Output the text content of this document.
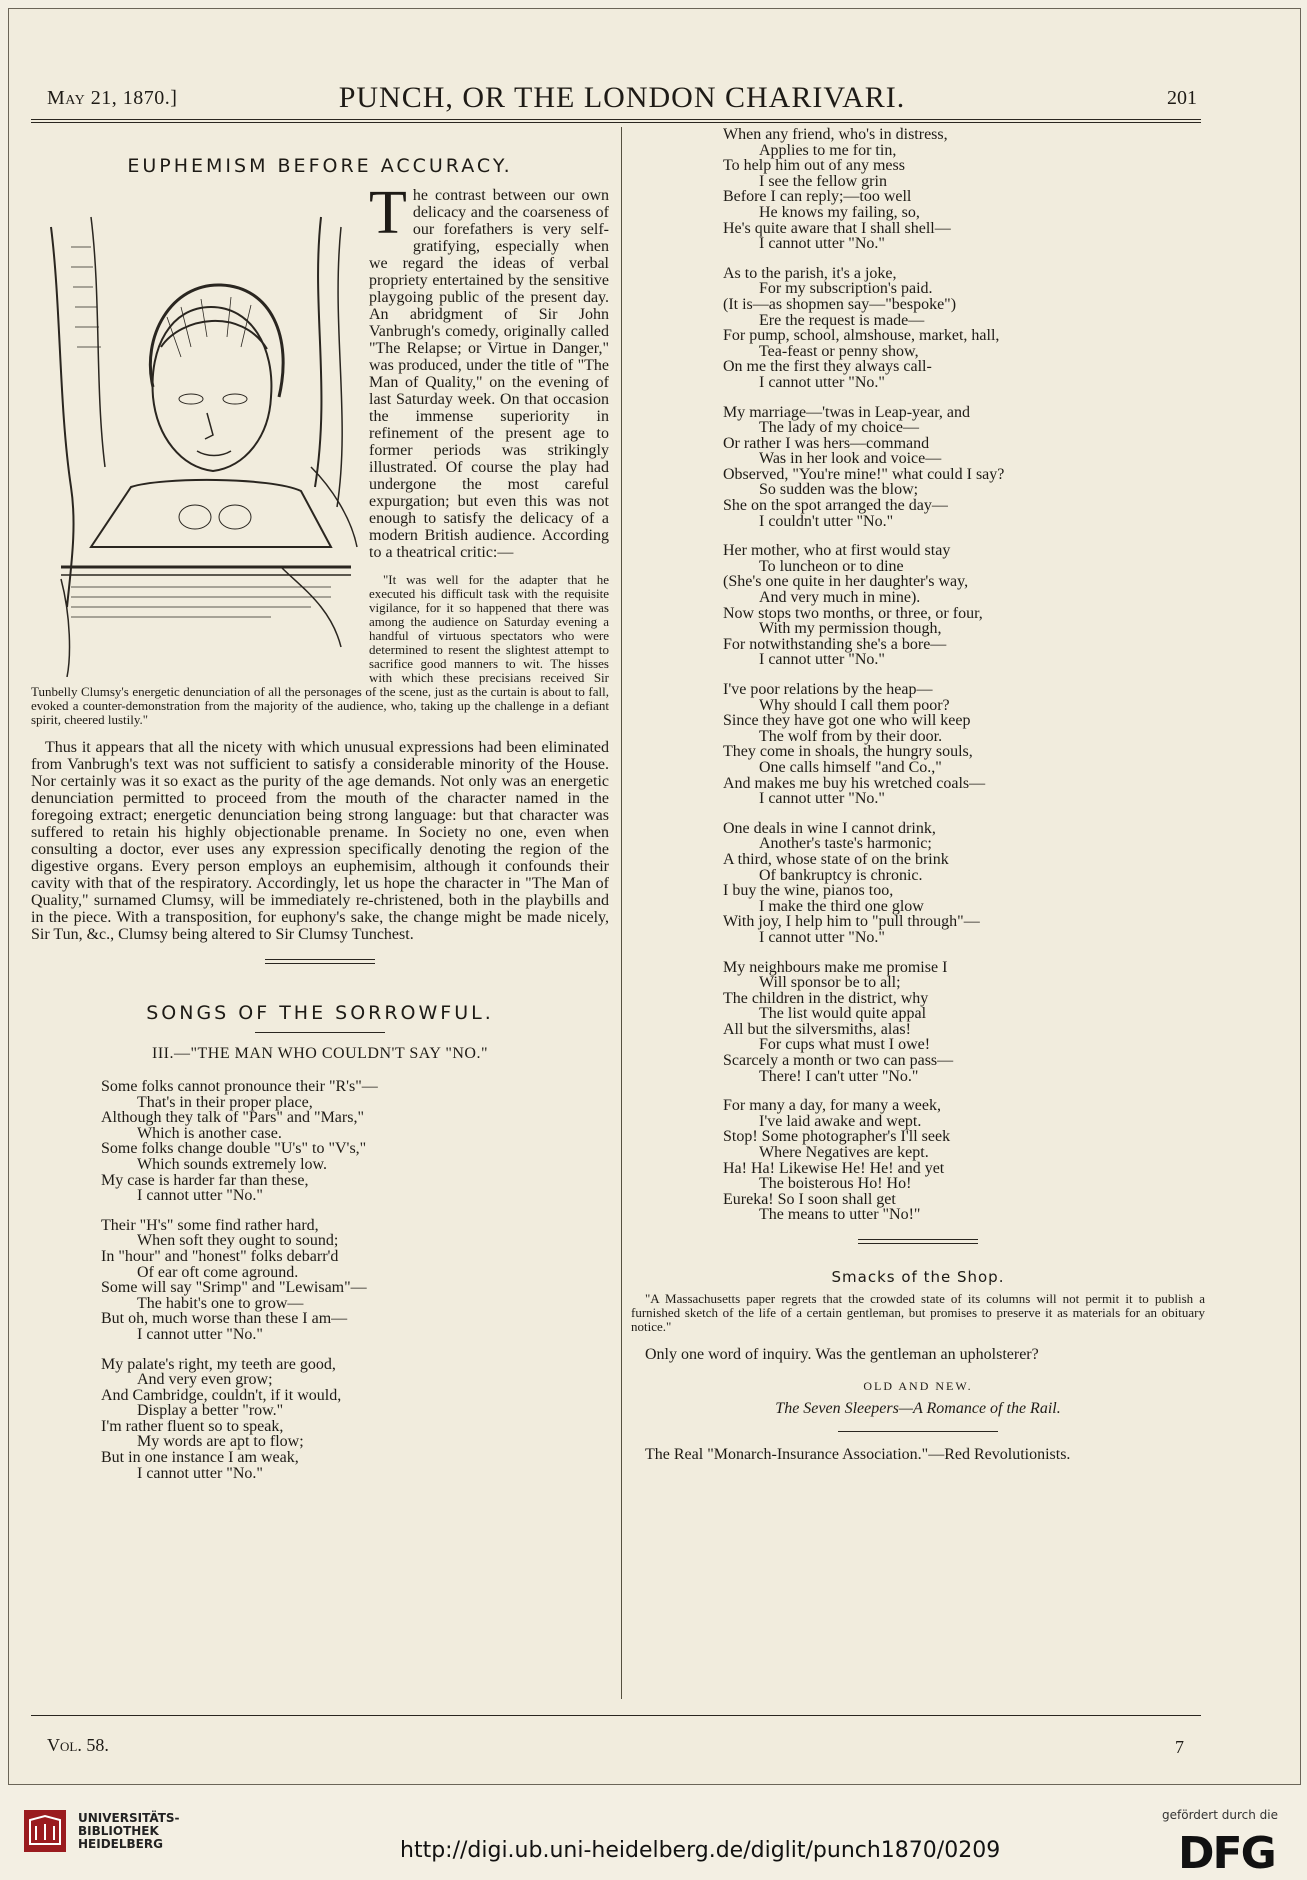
May 21, 1870.]	PUNCH, OR THE LONDON CHARIVARI.	201
EUPHEMISM BEFORE ACCURACY.

The contrast between our own delicacy and the coarseness of our forefathers is very self-gratifying, especially when we regard the ideas of verbal propriety entertained by the sensitive playgoing public of the present day. An abridgment of Sir John Vanbrugh's comedy, originally called "The Relapse; or Virtue in Danger," was produced, under the title of "The Man of Quality," on the evening of last Saturday week. On that occasion the immense superiority in refinement of the present age to former periods was strikingly illustrated. Of course the play had undergone the most careful expurgation; but even this was not enough to satisfy the delicacy of a modern British audience. According to a theatrical critic:—

"It was well for the adapter that he executed his difficult task with the requisite vigilance, for it so happened that there was among the audience on Saturday evening a handful of virtuous spectators who were determined to resent the slightest attempt to sacrifice good manners to wit. The hisses with which these precisians received Sir Tunbelly Clumsy's energetic denunciation of all the personages of the scene, just as the curtain is about to fall, evoked a counter-demonstration from the majority of the audience, who, taking up the challenge in a defiant spirit, cheered lustily."

Thus it appears that all the nicety with which unusual expressions had been eliminated from Vanbrugh's text was not sufficient to satisfy a considerable minority of the House. Nor certainly was it so exact as the purity of the age demands. Not only was an energetic denunciation permitted to proceed from the mouth of the character named in the foregoing extract; energetic denunciation being strong language: but that character was suffered to retain his highly objectionable prename. In Society no one, even when consulting a doctor, ever uses any expression specifically denoting the region of the digestive organs. Every person employs an euphemisim, although it confounds their cavity with that of the respiratory. Accordingly, let us hope the character in "The Man of Quality," surnamed Clumsy, will be immediately re-christened, both in the playbills and in the piece. With a transposition, for euphony's sake, the change might be made nicely, Sir Tun, &c., Clumsy being altered to Sir Clumsy Tunchest.

SONGS OF THE SORROWFUL.
III.—"THE MAN WHO COULDN'T SAY "NO."
Some folks cannot pronounce their "R's"—
That's in their proper place,
Although they talk of "Pars" and "Mars,"
Which is another case.
Some folks change double "U's" to "V's,"
Which sounds extremely low.
My case is harder far than these,
I cannot utter "No."
Their "H's" some find rather hard,
When soft they ought to sound;
In "hour" and "honest" folks debarr'd
Of ear oft come aground.
Some will say "Srimp" and "Lewisam"—
The habit's one to grow—
But oh, much worse than these I am—
I cannot utter "No."
My palate's right, my teeth are good,
And very even grow;
And Cambridge, couldn't, if it would,
Display a better "row."
I'm rather fluent so to speak,
My words are apt to flow;
But in one instance I am weak,
I cannot utter "No."
When any friend, who's in distress,
Applies to me for tin,
To help him out of any mess
I see the fellow grin
Before I can reply;—too well
He knows my failing, so,
He's quite aware that I shall shell—
I cannot utter "No."
As to the parish, it's a joke,
For my subscription's paid.
(It is—as shopmen say—"bespoke")
Ere the request is made—
For pump, school, almshouse, market, hall,
Tea-feast or penny show,
On me the first they always call-
I cannot utter "No."
My marriage—'twas in Leap-year, and
The lady of my choice—
Or rather I was hers—command
Was in her look and voice—
Observed, "You're mine!" what could I say?
So sudden was the blow;
She on the spot arranged the day—
I couldn't utter "No."
Her mother, who at first would stay
To luncheon or to dine
(She's one quite in her daughter's way,
And very much in mine).
Now stops two months, or three, or four,
With my permission though,
For notwithstanding she's a bore—
I cannot utter "No."
I've poor relations by the heap—
Why should I call them poor?
Since they have got one who will keep
The wolf from by their door.
They come in shoals, the hungry souls,
One calls himself "and Co.,"
And makes me buy his wretched coals—
I cannot utter "No."
One deals in wine I cannot drink,
Another's taste's harmonic;
A third, whose state of on the brink
Of bankruptcy is chronic.
I buy the wine, pianos too,
I make the third one glow
With joy, I help him to "pull through"—
I cannot utter "No."
My neighbours make me promise I
Will sponsor be to all;
The children in the district, why
The list would quite appal
All but the silversmiths, alas!
For cups what must I owe!
Scarcely a month or two can pass—
There! I can't utter "No."
For many a day, for many a week,
I've laid awake and wept.
Stop! Some photographer's I'll seek
Where Negatives are kept.
Ha! Ha! Likewise He! He! and yet
The boisterous Ho! Ho!
Eureka! So I soon shall get
The means to utter "No!"
Smacks of the Shop.

"A Massachusetts paper regrets that the crowded state of its columns will not permit it to publish a furnished sketch of the life of a certain gentleman, but promises to preserve it as materials for an obituary notice."

Only one word of inquiry. Was the gentleman an upholsterer?

OLD AND NEW.

The Seven Sleepers—A Romance of the Rail.

The Real "Monarch-Insurance Association."—Red Revolutionists.

Vol. 58.	7
UNIVERSITÄTS-
BIBLIOTHEK
HEIDELBERG	http://digi.ub.uni-heidelberg.de/diglit/punch1870/0209
gefördert durch die
DFG
